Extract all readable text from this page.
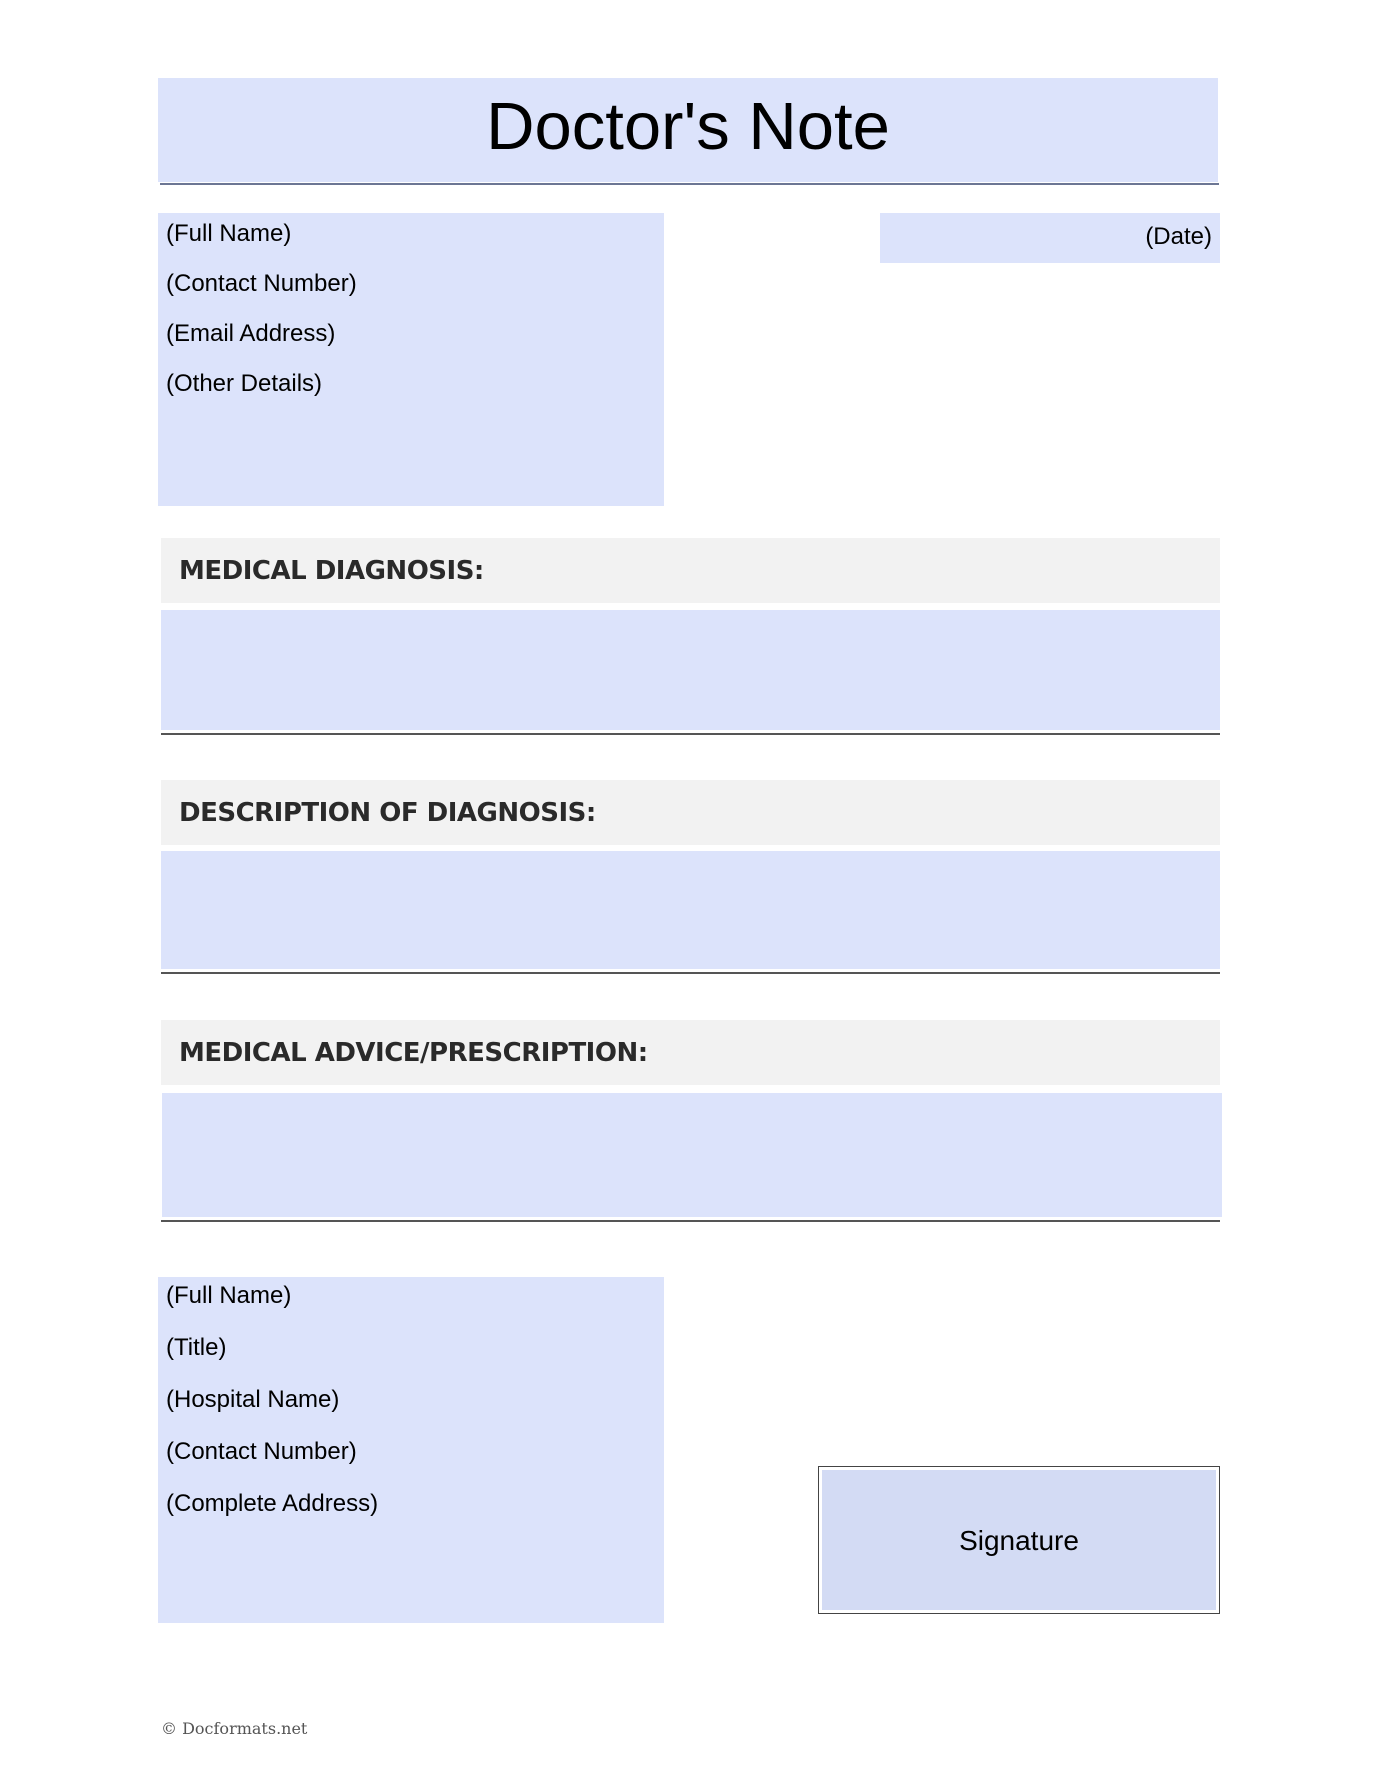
Doctor's Note
(Full Name)
(Contact Number)
(Email Address)
(Other Details)
(Date)
MEDICAL DIAGNOSIS:
DESCRIPTION OF DIAGNOSIS:
MEDICAL ADVICE/PRESCRIPTION:
(Full Name)
(Title)
(Hospital Name)
(Contact Number)
(Complete Address)
Signature
© Docformats.net
